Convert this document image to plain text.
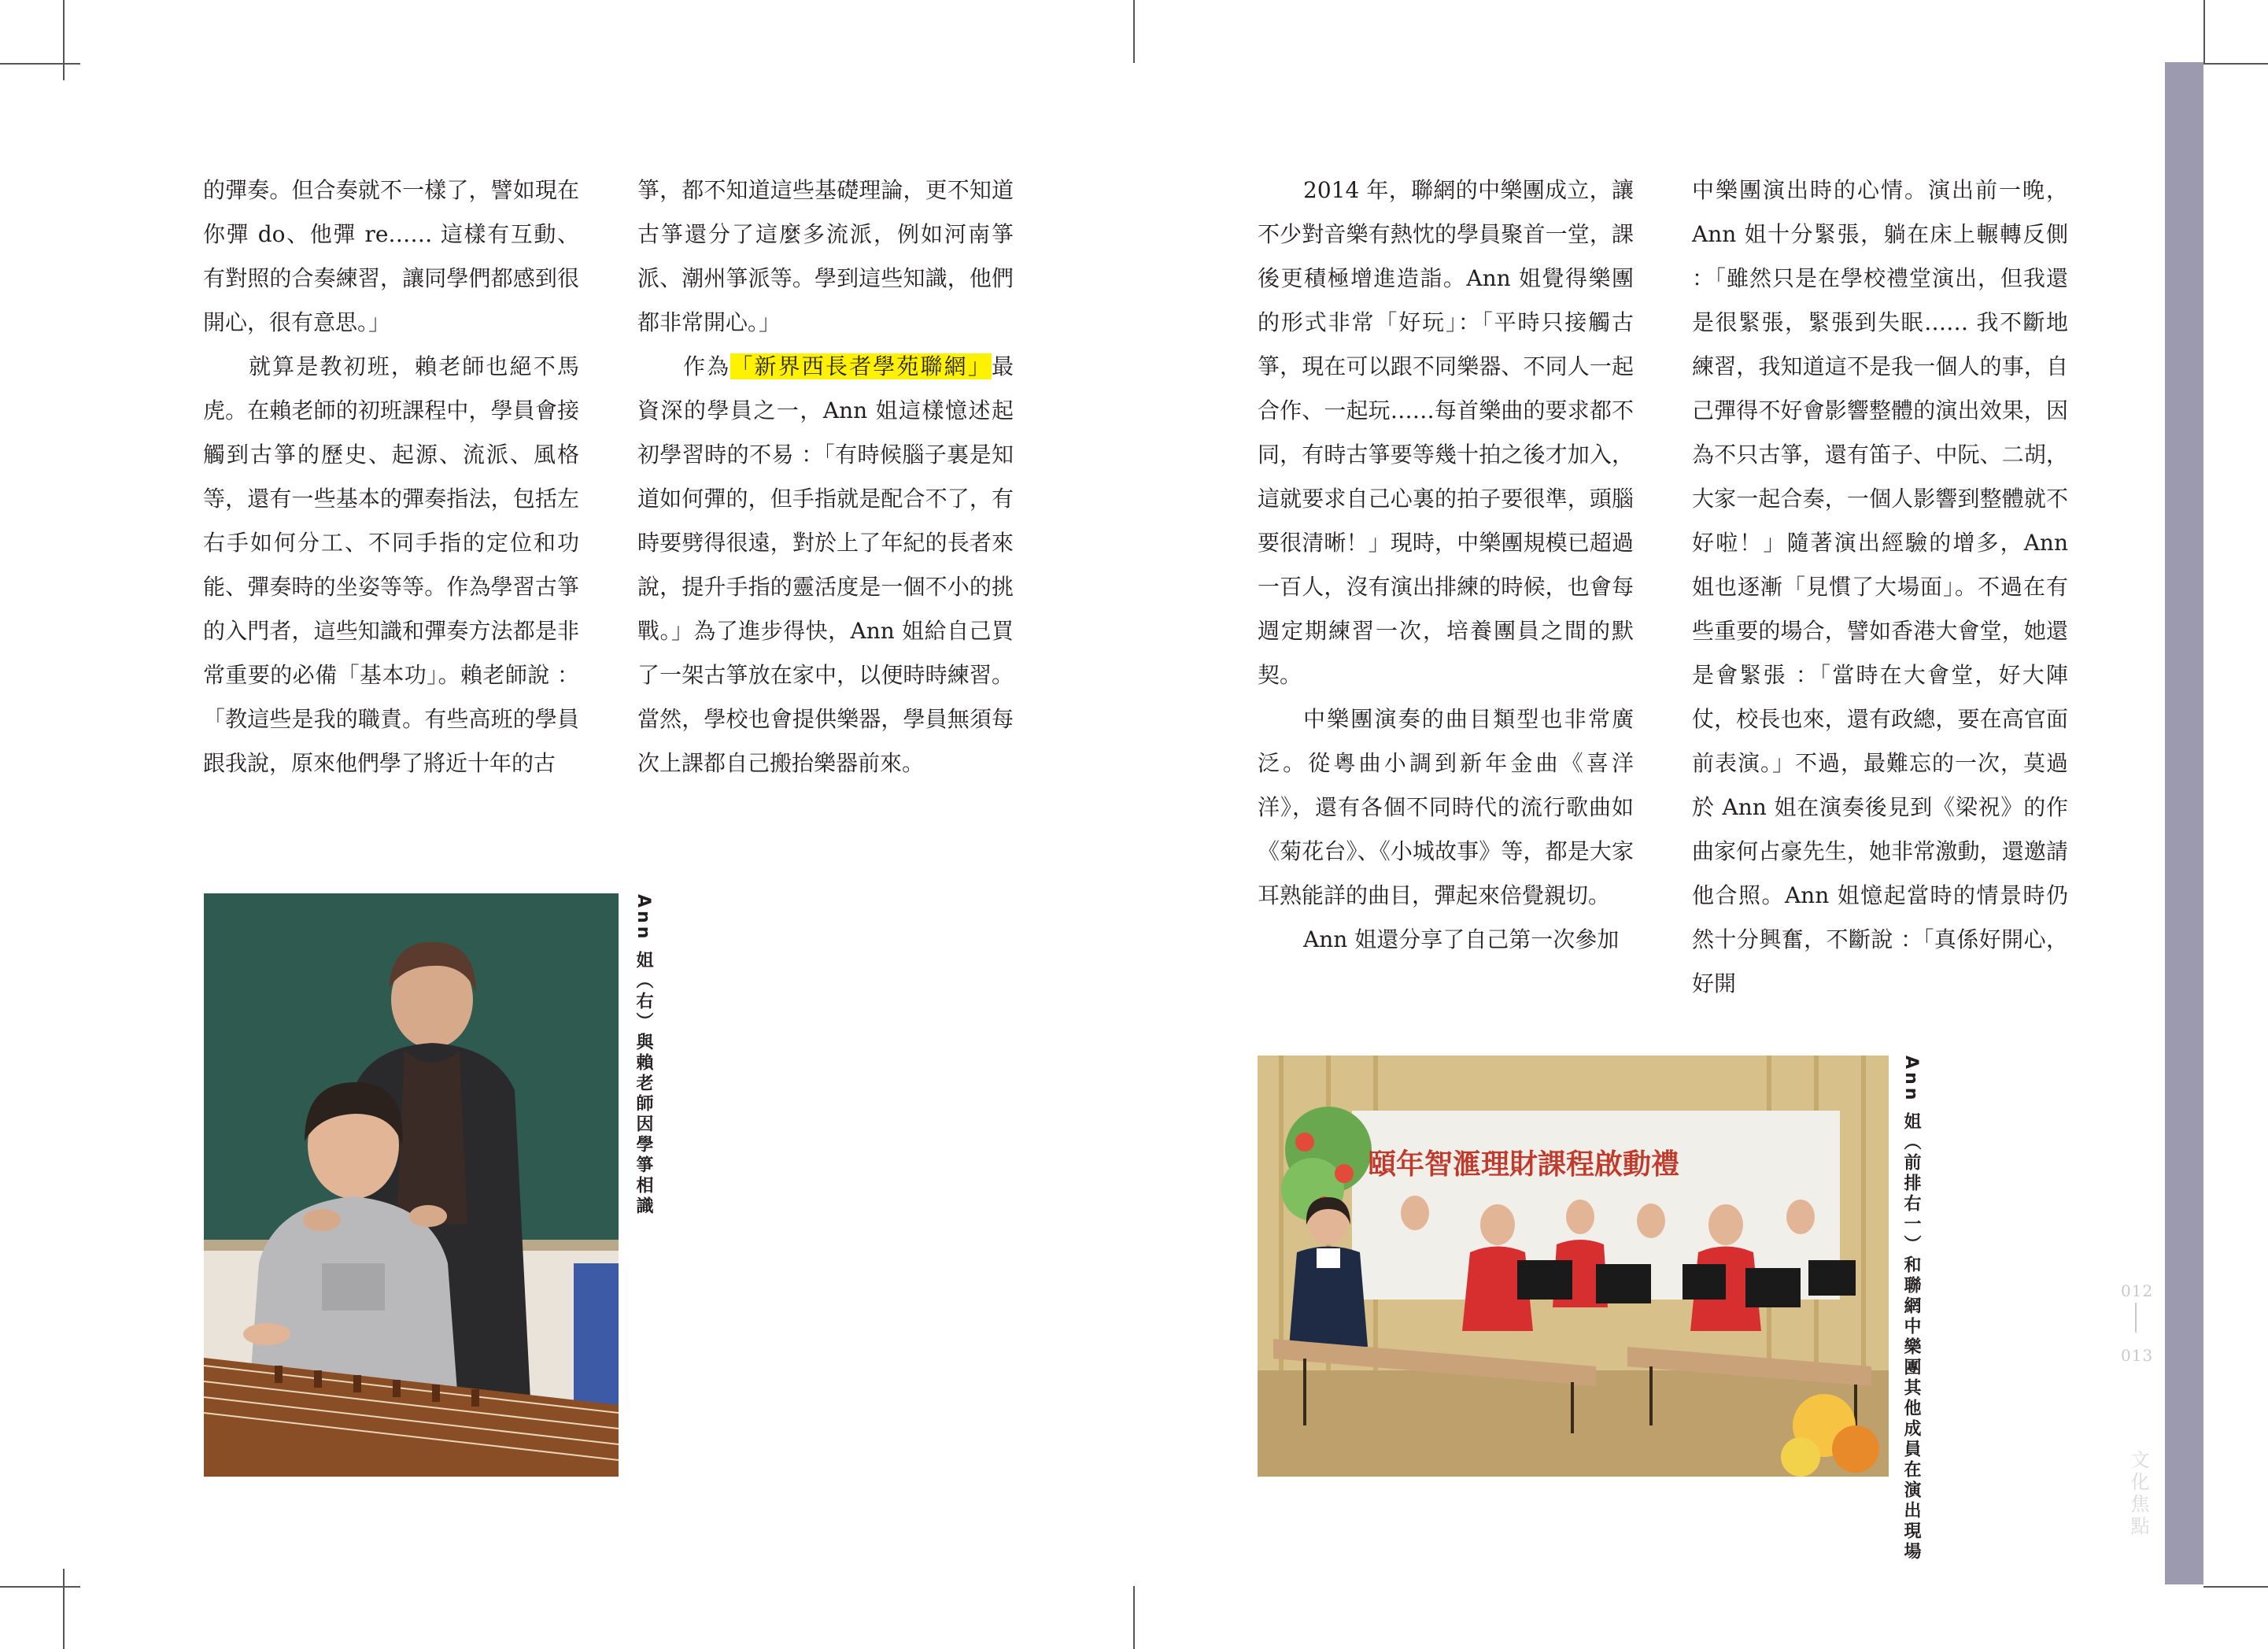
的彈奏。但合奏就不一樣了，譬如現在你彈 do、他彈 re…… 這樣有互動、有對照的合奏練習，讓同學們都感到很開心，很有意思。」

就算是教初班，賴老師也絕不馬虎。在賴老師的初班課程中，學員會接觸到古箏的歷史、起源、流派、風格等，還有一些基本的彈奏指法，包括左右手如何分工、不同手指的定位和功能、彈奏時的坐姿等等。作為學習古箏的入門者，這些知識和彈奏方法都是非常重要的必備「基本功」。賴老師說 ：「教這些是我的職責。有些高班的學員跟我說，原來他們學了將近十年的古

箏，都不知道這些基礎理論，更不知道古箏還分了這麼多流派，例如河南箏派、潮州箏派等。學到這些知識，他們都非常開心。」

作為「新界西長者學苑聯網」最資深的學員之一，Ann 姐這樣憶述起初學習時的不易 ：「有時候腦子裏是知道如何彈的，但手指就是配合不了，有時要劈得很遠，對於上了年紀的長者來說，提升手指的靈活度是一個不小的挑戰。」為了進步得快，Ann 姐給自己買了一架古箏放在家中，以便時時練習。當然，學校也會提供樂器，學員無須每次上課都自己搬抬樂器前來。

Ann 姐（右）與賴老師因學箏相識

2014 年，聯網的中樂團成立，讓不少對音樂有熱忱的學員聚首一堂，課後更積極增進造詣。Ann 姐覺得樂團的形式非常「好玩」：「平時只接觸古箏，現在可以跟不同樂器、不同人一起合作、一起玩……每首樂曲的要求都不同，有時古箏要等幾十拍之後才加入，這就要求自己心裏的拍子要很準，頭腦要很清晰！」現時，中樂團規模已超過一百人，沒有演出排練的時候，也會每週定期練習一次，培養團員之間的默契。

中樂團演奏的曲目類型也非常廣泛。從粵曲小調到新年金曲《喜洋洋》，還有各個不同時代的流行歌曲如《菊花台》、《小城故事》等，都是大家耳熟能詳的曲目，彈起來倍覺親切。

Ann 姐還分享了自己第一次參加

中樂團演出時的心情。演出前一晚，Ann 姐十分緊張，躺在床上輾轉反側 ：「雖然只是在學校禮堂演出，但我還是很緊張，緊張到失眠…… 我不斷地練習，我知道這不是我一個人的事，自己彈得不好會影響整體的演出效果，因為不只古箏，還有笛子、中阮、二胡，大家一起合奏，一個人影響到整體就不好啦！」隨著演出經驗的增多，Ann 姐也逐漸「見慣了大場面」。不過在有些重要的場合，譬如香港大會堂，她還是會緊張 ：「當時在大會堂，好大陣仗，校長也來，還有政總，要在高官面前表演。」不過，最難忘的一次，莫過於 Ann 姐在演奏後見到《梁祝》的作曲家何占豪先生，她非常激動，還邀請他合照。Ann 姐憶起當時的情景時仍然十分興奮，不斷說 ：「真係好開心，好開

頤年智滙理財課程啟動禮	Ann 姐（前排右一）和聯網中樂團其他成員在演出現場	012
013
文化焦點
